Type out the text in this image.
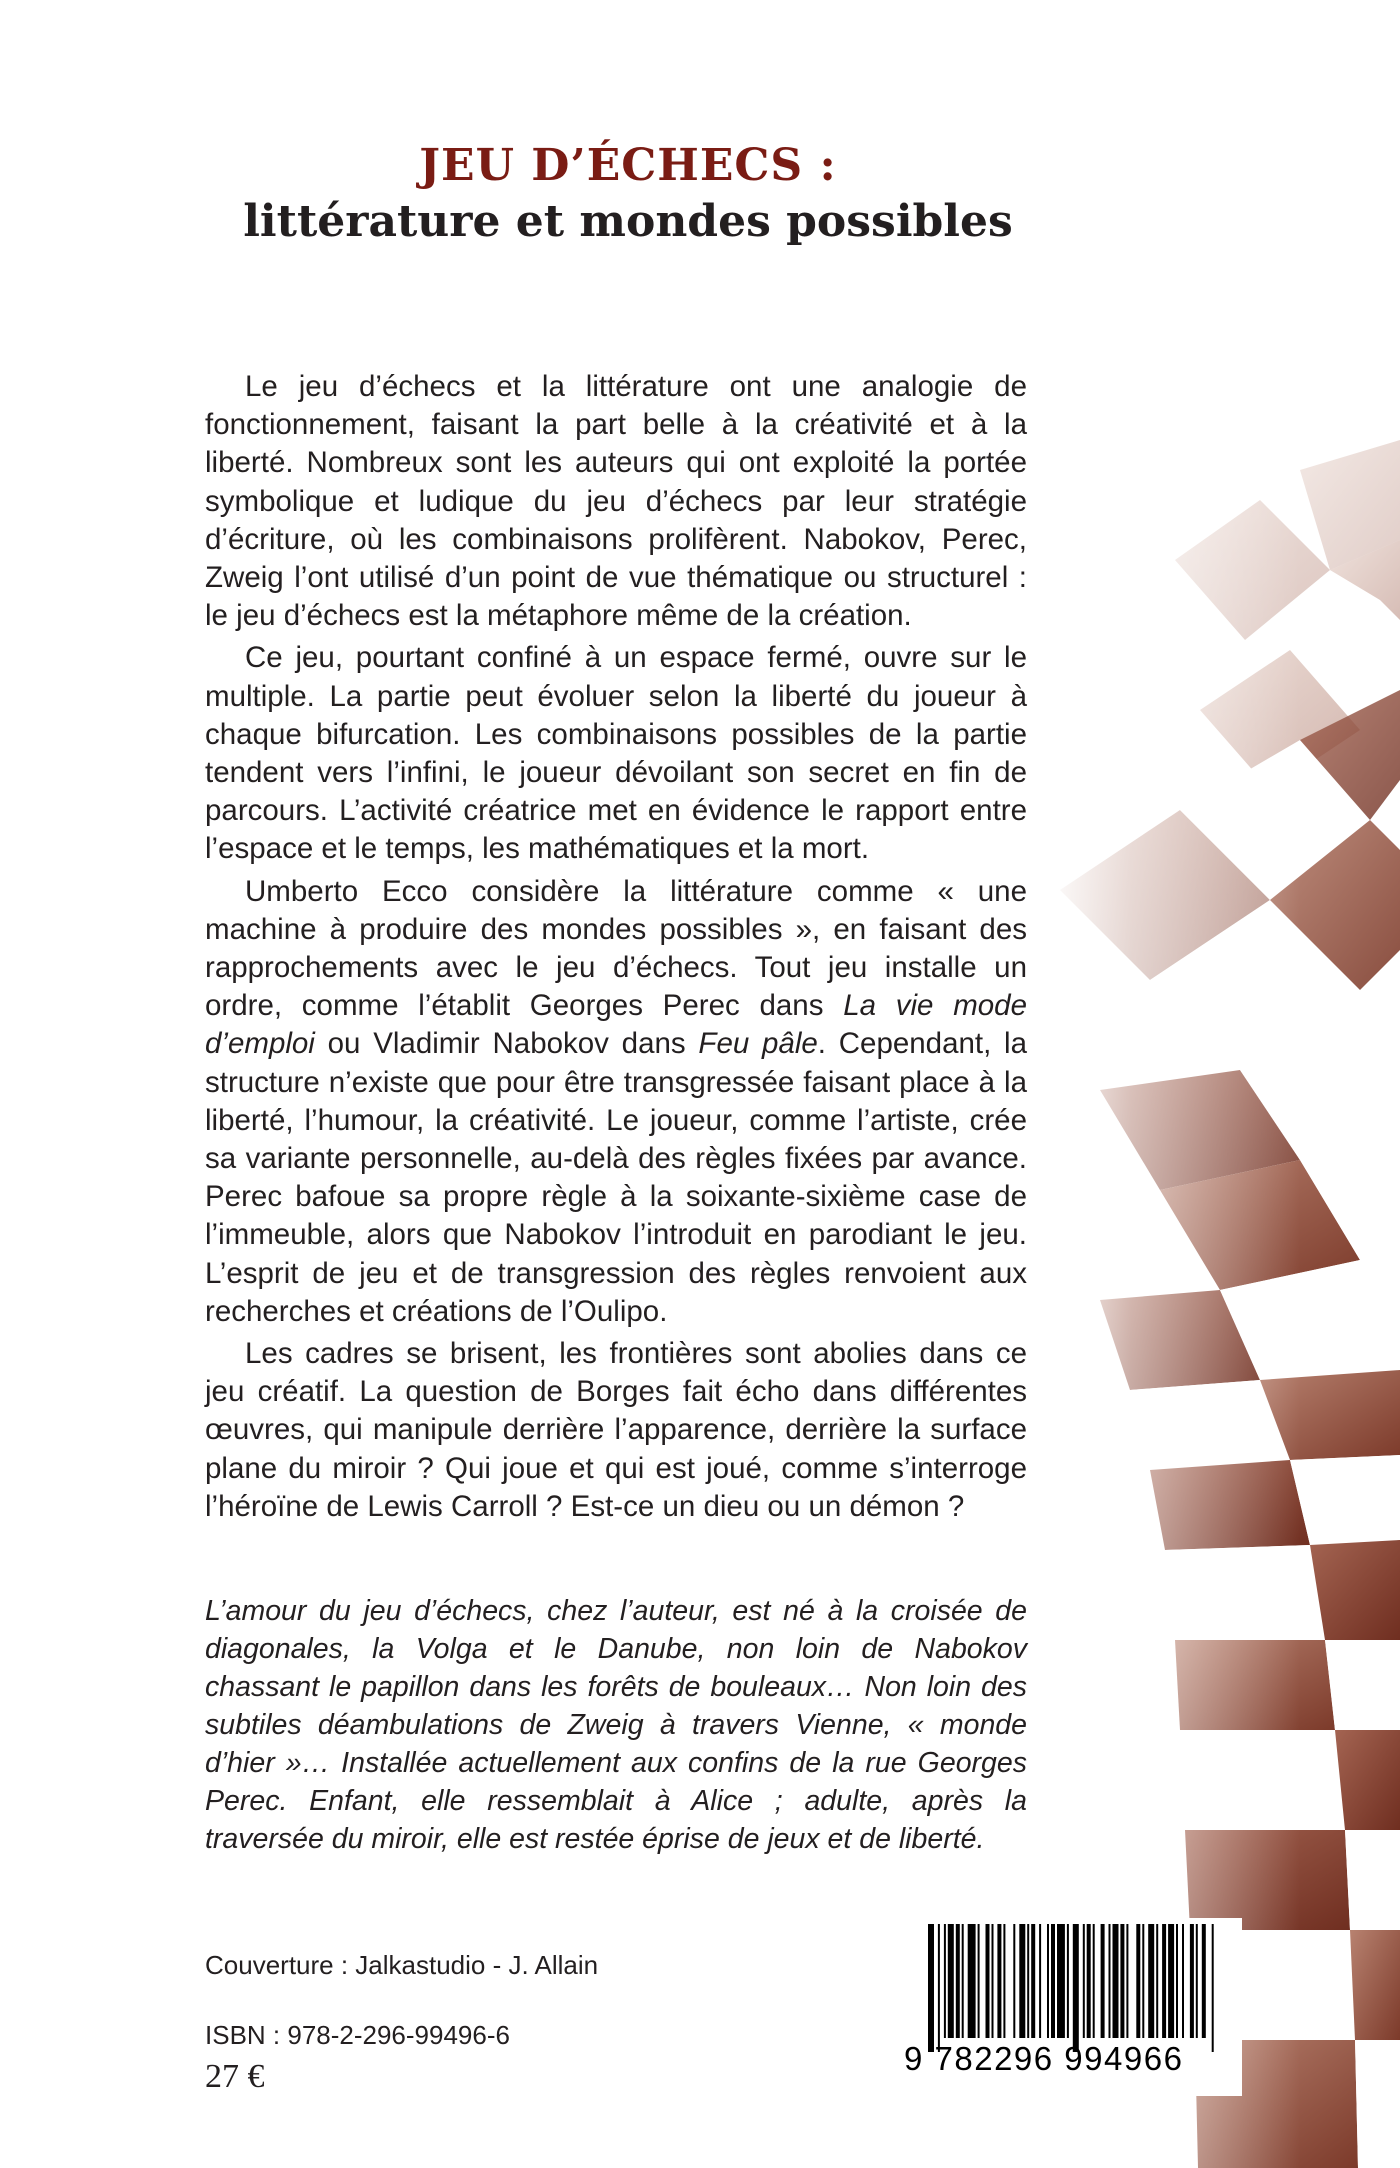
JEU D’ÉCHECS :
littérature et mondes possibles

Le jeu d’échecs et la littérature ont une analogie de fonctionnement, faisant la part belle à la créativité et à la liberté. Nombreux sont les auteurs qui ont exploité la portée symbolique et ludique du jeu d’échecs par leur stratégie d’écriture, où les combinaisons prolifèrent. Nabokov, Perec, Zweig l’ont utilisé d’un point de vue thématique ou structurel : le jeu d’échecs est la métaphore même de la création.

Ce jeu, pourtant confiné à un espace fermé, ouvre sur le multiple. La partie peut évoluer selon la liberté du joueur à chaque bifurcation. Les combinaisons possibles de la partie tendent vers l’infini, le joueur dévoilant son secret en fin de parcours. L’activité créatrice met en évidence le rapport entre l’espace et le temps, les mathématiques et la mort.

Umberto Ecco considère la littérature comme « une machine à produire des mondes possibles », en faisant des rapprochements avec le jeu d’échecs. Tout jeu installe un ordre, comme l’établit Georges Perec dans La vie mode d’emploi ou Vladimir Nabokov dans Feu pâle. Cependant, la structure n’existe que pour être transgressée faisant place à la liberté, l’humour, la créativité. Le joueur, comme l’artiste, crée sa variante personnelle, au-delà des règles fixées par avance. Perec bafoue sa propre règle à la soixante-sixième case de l’immeuble, alors que Nabokov l’introduit en parodiant le jeu. L’esprit de jeu et de transgression des règles renvoient aux recherches et créations de l’Oulipo.

Les cadres se brisent, les frontières sont abolies dans ce jeu créatif. La question de Borges fait écho dans différentes œuvres, qui manipule derrière l’apparence, derrière la surface plane du miroir ? Qui joue et qui est joué, comme s’interroge l’héroïne de Lewis Carroll ? Est-ce un dieu ou un démon ?

L’amour du jeu d’échecs, chez l’auteur, est né à la croisée de diagonales, la Volga et le Danube, non loin de Nabokov chassant le papillon dans les forêts de bouleaux… Non loin des subtiles déambulations de Zweig à travers Vienne, « monde d’hier »… Installée actuellement aux confins de la rue Georges Perec. Enfant, elle ressemblait à Alice ; adulte, après la traversée du miroir, elle est restée éprise de jeux et de liberté.
Couverture : Jalkastudio - J. Allain
ISBN : 978-2-296-99496-6
27 €	9 782296 994966
